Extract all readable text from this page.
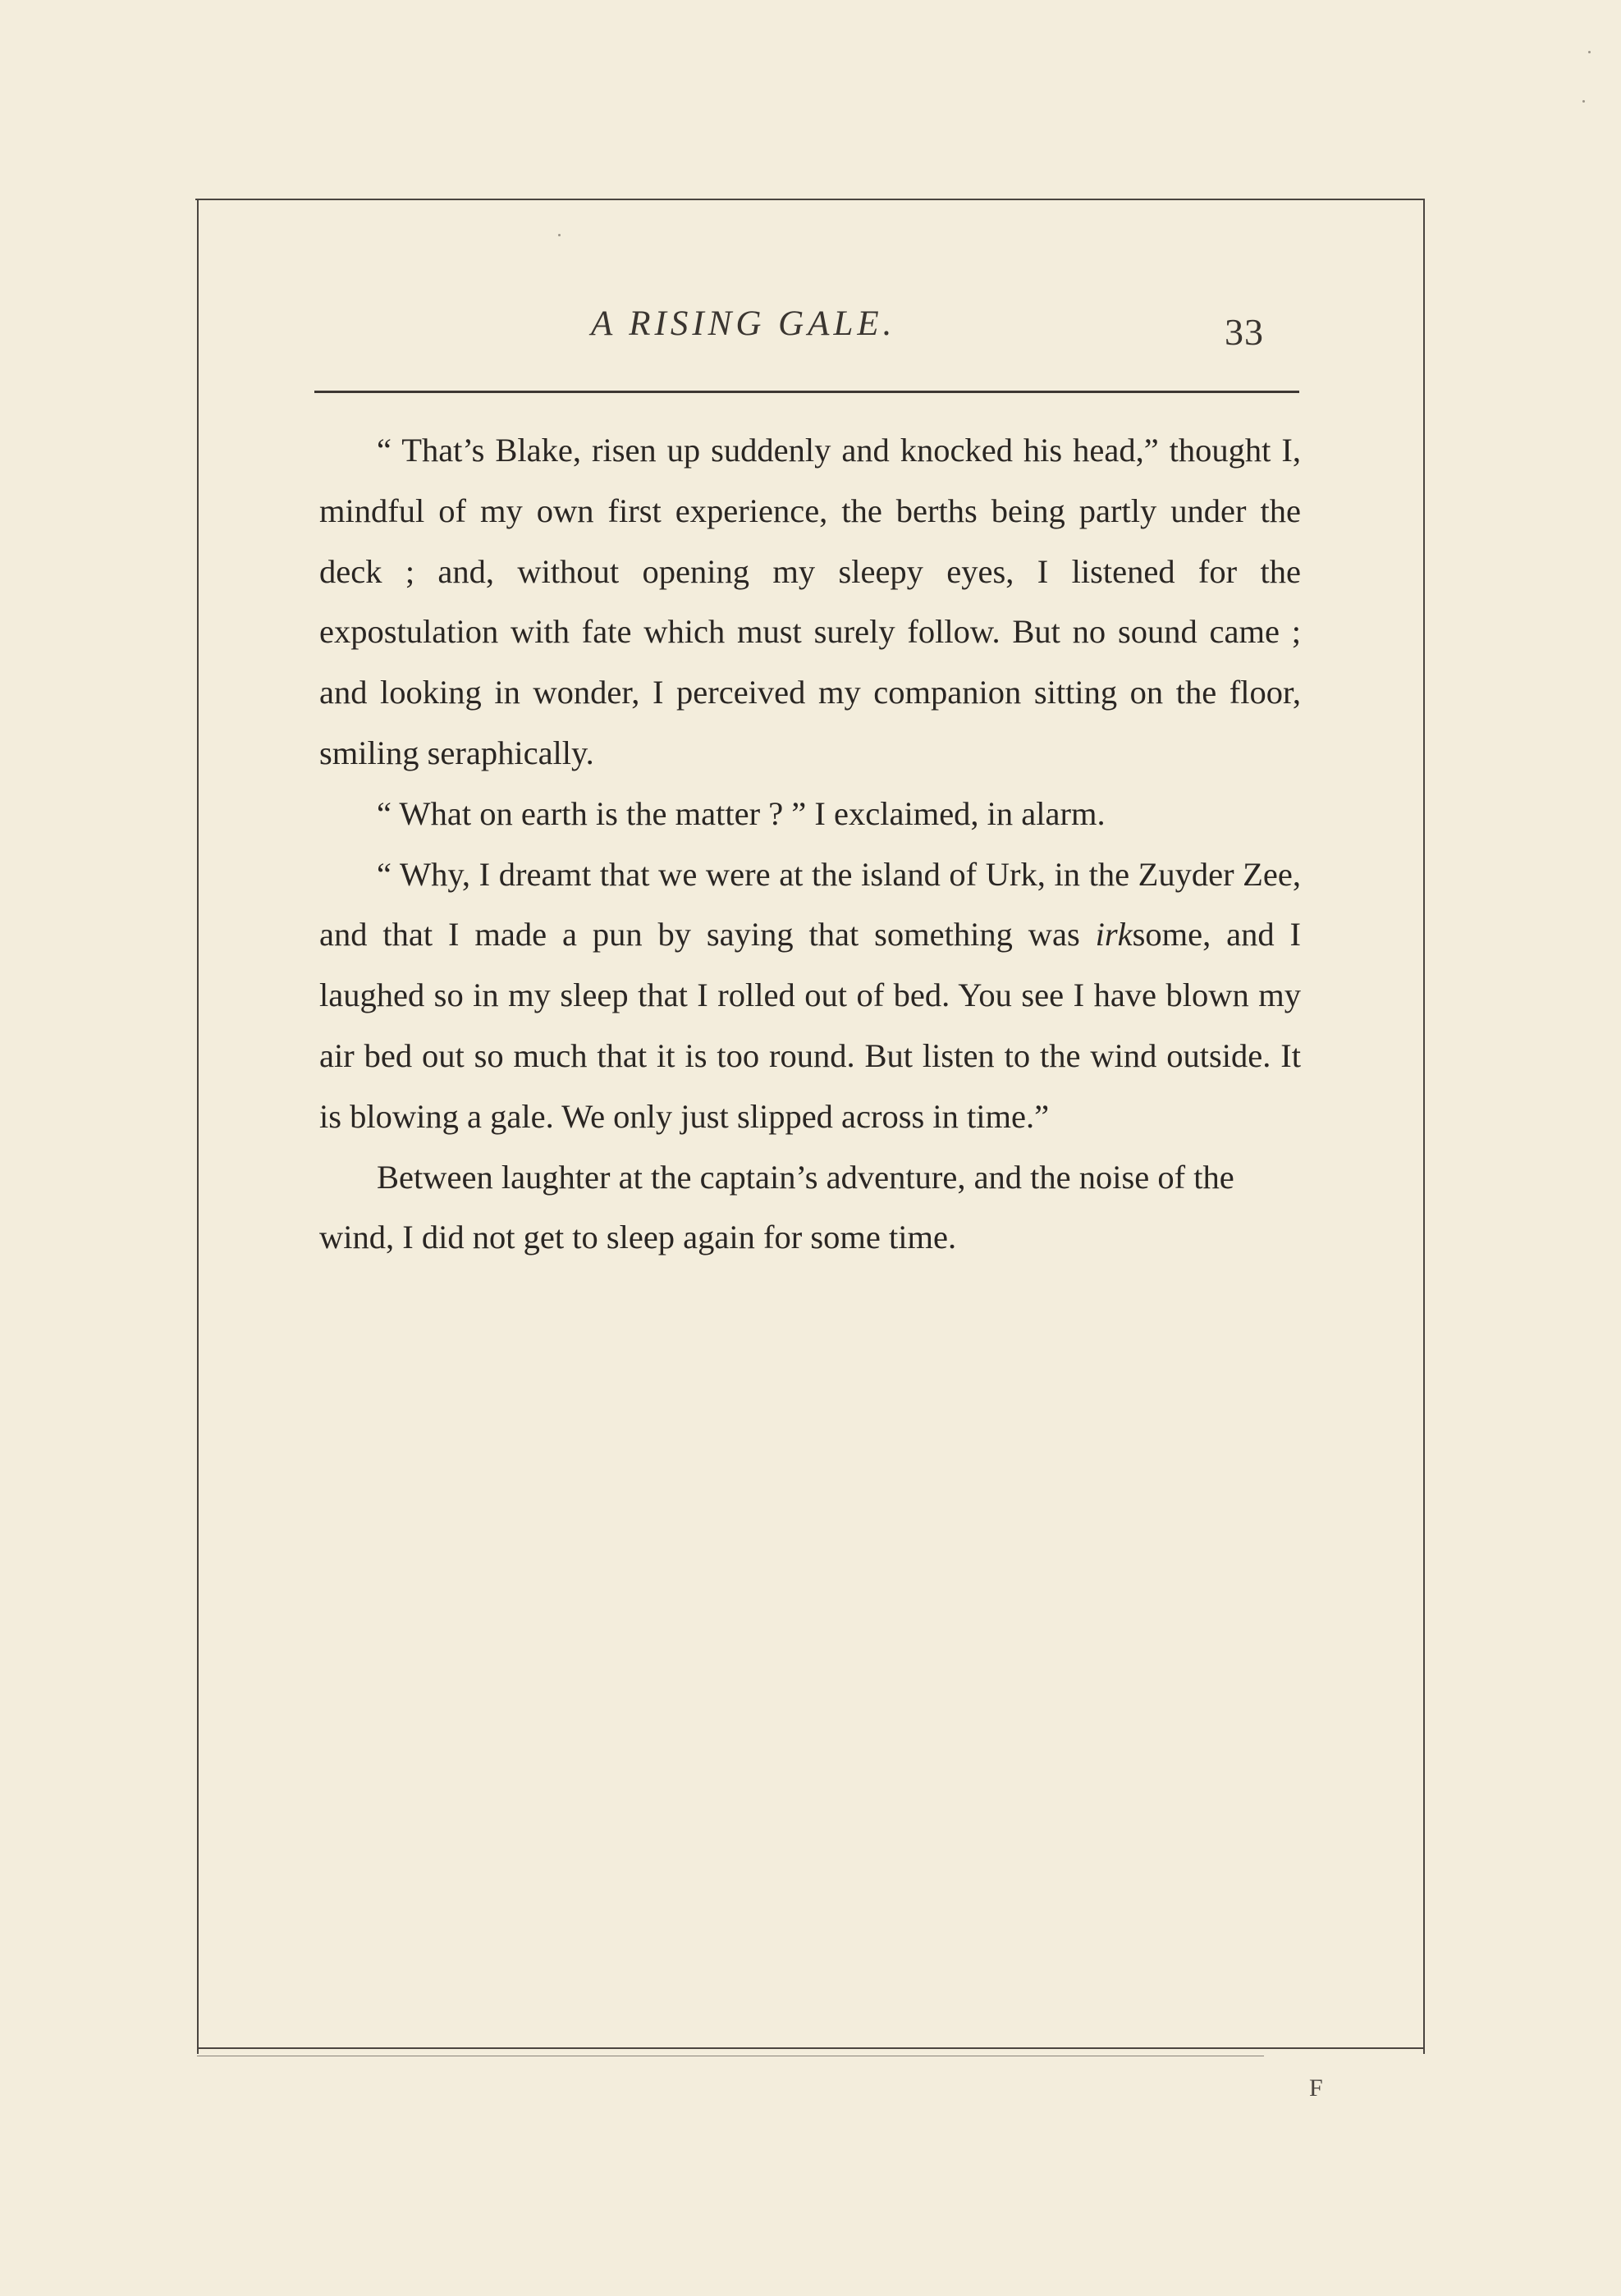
A RISING GALE.	33

“ That’s Blake, risen up suddenly and knocked his head,” thought I, mindful of my own first experience, the berths being partly under the deck ; and, without opening my sleepy eyes, I listened for the expostulation with fate which must surely follow. But no sound came ; and looking in wonder, I perceived my companion sitting on the floor, smiling seraphically.

“ What on earth is the matter ? ” I exclaimed, in alarm.

“ Why, I dreamt that we were at the island of Urk, in the Zuyder Zee, and that I made a pun by saying that something was irksome, and I laughed so in my sleep that I rolled out of bed. You see I have blown my air bed out so much that it is too round. But listen to the wind outside. It is blowing a gale. We only just slipped across in time.”

Between laughter at the captain’s adventure, and the noise of the wind, I did not get to sleep again for some time.

F
